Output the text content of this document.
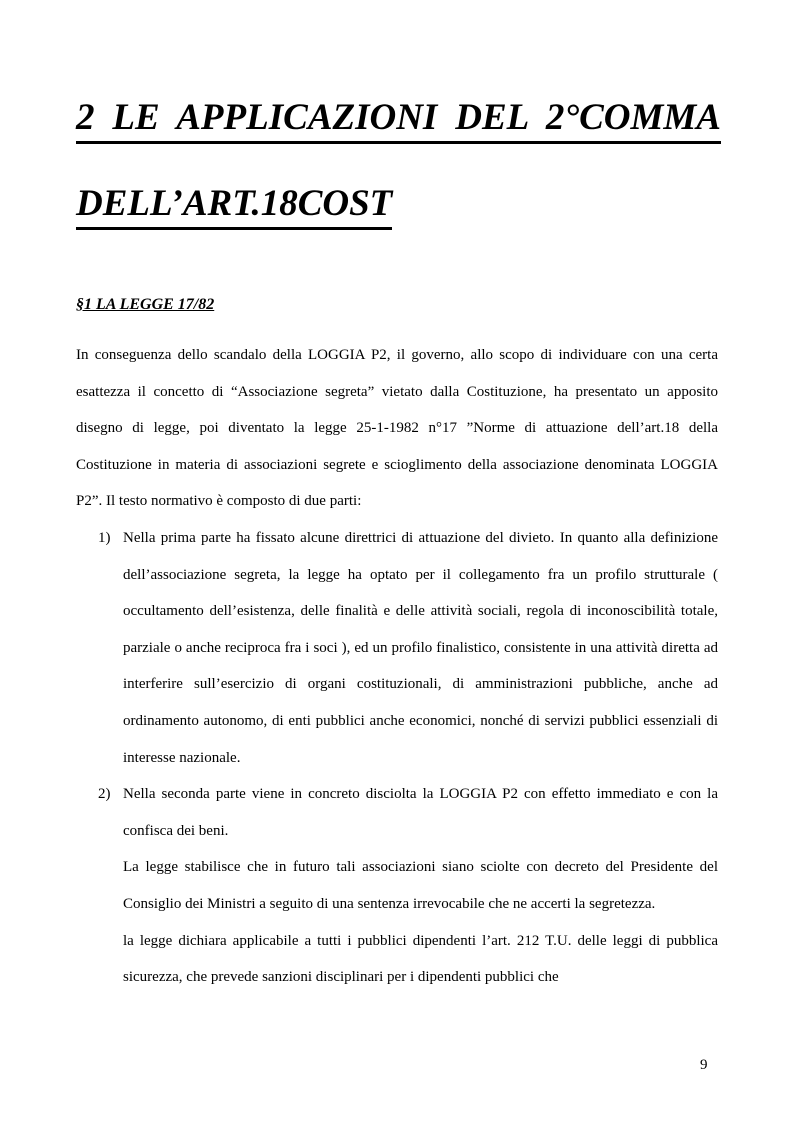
2 LE APPLICAZIONI DEL 2°COMMA
DELL’ART.18COST
§1 LA LEGGE 17/82

In conseguenza dello scandalo della LOGGIA P2, il governo, allo scopo di individuare con una certa esattezza il concetto di “Associazione segreta” vietato dalla Costituzione, ha presentato un apposito disegno di legge, poi diventato la legge 25-1-1982 n°17 ”Norme di attuazione dell’art.18 della Costituzione in materia di associazioni segrete e scioglimento della associazione denominata LOGGIA P2”. Il testo normativo è composto di due parti:

1) Nella prima parte ha fissato alcune direttrici di attuazione del divieto. In quanto alla definizione dell’associazione segreta, la legge ha optato per il collegamento fra un profilo strutturale ( occultamento dell’esistenza, delle finalità e delle attività sociali, regola di inconoscibilità totale, parziale o anche reciproca fra i soci ), ed un profilo finalistico, consistente in una attività diretta ad interferire sull’esercizio di organi costituzionali, di amministrazioni pubbliche, anche ad ordinamento autonomo, di enti pubblici anche economici, nonché di servizi pubblici essenziali di interesse nazionale.

2) Nella seconda parte viene in concreto disciolta la LOGGIA P2 con effetto immediato e con la confisca dei beni.

La legge stabilisce che in futuro tali associazioni siano sciolte con decreto del Presidente del Consiglio dei Ministri a seguito di una sentenza irrevocabile che ne accerti la segretezza.

la legge dichiara applicabile a tutti i pubblici dipendenti l’art. 212 T.U. delle leggi di pubblica sicurezza, che prevede sanzioni disciplinari per i dipendenti pubblici che

9
